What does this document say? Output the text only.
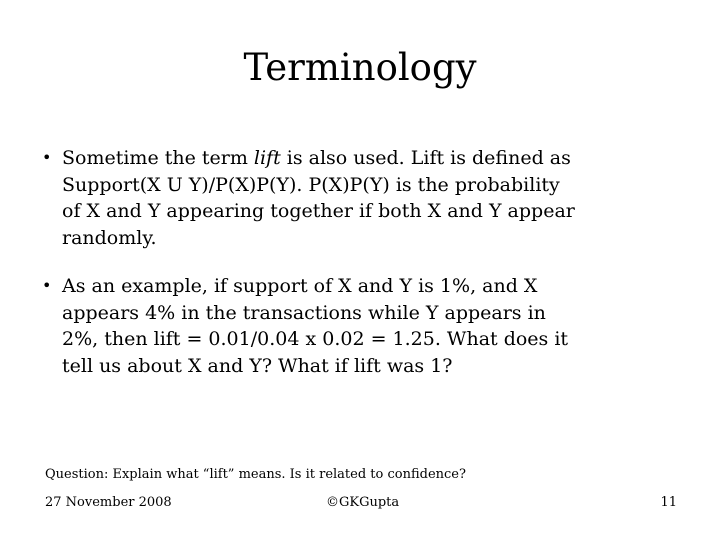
Terminology
• Sometime the term lift is also used. Lift is defined as
Support(X U Y)/P(X)P(Y). P(X)P(Y) is the probability
of X and Y appearing together if both X and Y appear
randomly.
• As an example, if support of X and Y is 1%, and X
appears 4% in the transactions while Y appears in
2%, then lift = 0.01/0.04 x 0.02 = 1.25. What does it
tell us about X and Y? What if lift was 1?
Question: Explain what “lift” means. Is it related to confidence?
27 November 2008	©GKGupta	11
